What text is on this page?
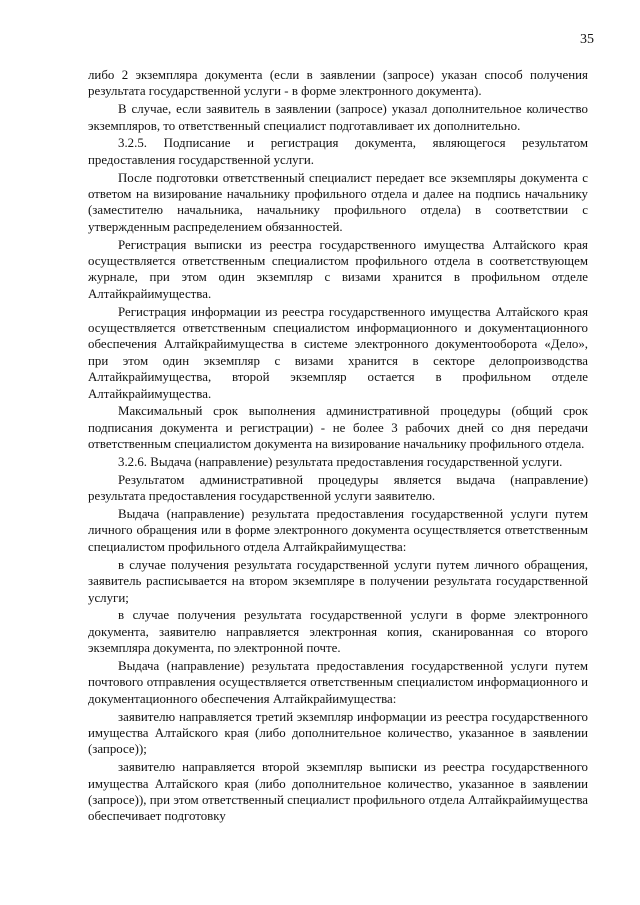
35

либо 2 экземпляра документа (если в заявлении (запросе) указан способ получения результата государственной услуги - в форме электронного документа).

В случае, если заявитель в заявлении (запросе) указал дополнительное количество экземпляров, то ответственный специалист подготавливает их дополнительно.

3.2.5. Подписание и регистрация документа, являющегося результатом предоставления государственной услуги.

После подготовки ответственный специалист передает все экземпляры документа с ответом на визирование начальнику профильного отдела и далее на подпись начальнику (заместителю начальника, начальнику профильного отдела) в соответствии с утвержденным распределением обязанностей.

Регистрация выписки из реестра государственного имущества Алтайского края осуществляется ответственным специалистом профильного отдела в соответствующем журнале, при этом один экземпляр с визами хранится в профильном отделе Алтайкрайимущества.

Регистрация информации из реестра государственного имущества Алтайского края осуществляется ответственным специалистом информационного и документационного обеспечения Алтайкрайимущества в системе электронного документооборота «Дело», при этом один экземпляр с визами хранится в секторе делопроизводства Алтайкрайимущества, второй экземпляр остается в профильном отделе Алтайкрайимущества.

Максимальный срок выполнения административной процедуры (общий срок подписания документа и регистрации) - не более 3 рабочих дней со дня передачи ответственным специалистом документа на визирование начальнику профильного отдела.

3.2.6. Выдача (направление) результата предоставления государственной услуги.

Результатом административной процедуры является выдача (направление) результата предоставления государственной услуги заявителю.

Выдача (направление) результата предоставления государственной услуги путем личного обращения или в форме электронного документа осуществляется ответственным специалистом профильного отдела Алтайкрайимущества:

в случае получения результата государственной услуги путем личного обращения, заявитель расписывается на втором экземпляре в получении результата государственной услуги;

в случае получения результата государственной услуги в форме электронного документа, заявителю направляется электронная копия, сканированная со второго экземпляра документа, по электронной почте.

Выдача (направление) результата предоставления государственной услуги путем почтового отправления осуществляется ответственным специалистом информационного и документационного обеспечения Алтайкрайимущества:

заявителю направляется третий экземпляр информации из реестра государственного имущества Алтайского края (либо дополнительное количество, указанное в заявлении (запросе));

заявителю направляется второй экземпляр выписки из реестра государственного имущества Алтайского края (либо дополнительное количество, указанное в заявлении (запросе)), при этом ответственный специалист профильного отдела Алтайкрайимущества обеспечивает подготовку
